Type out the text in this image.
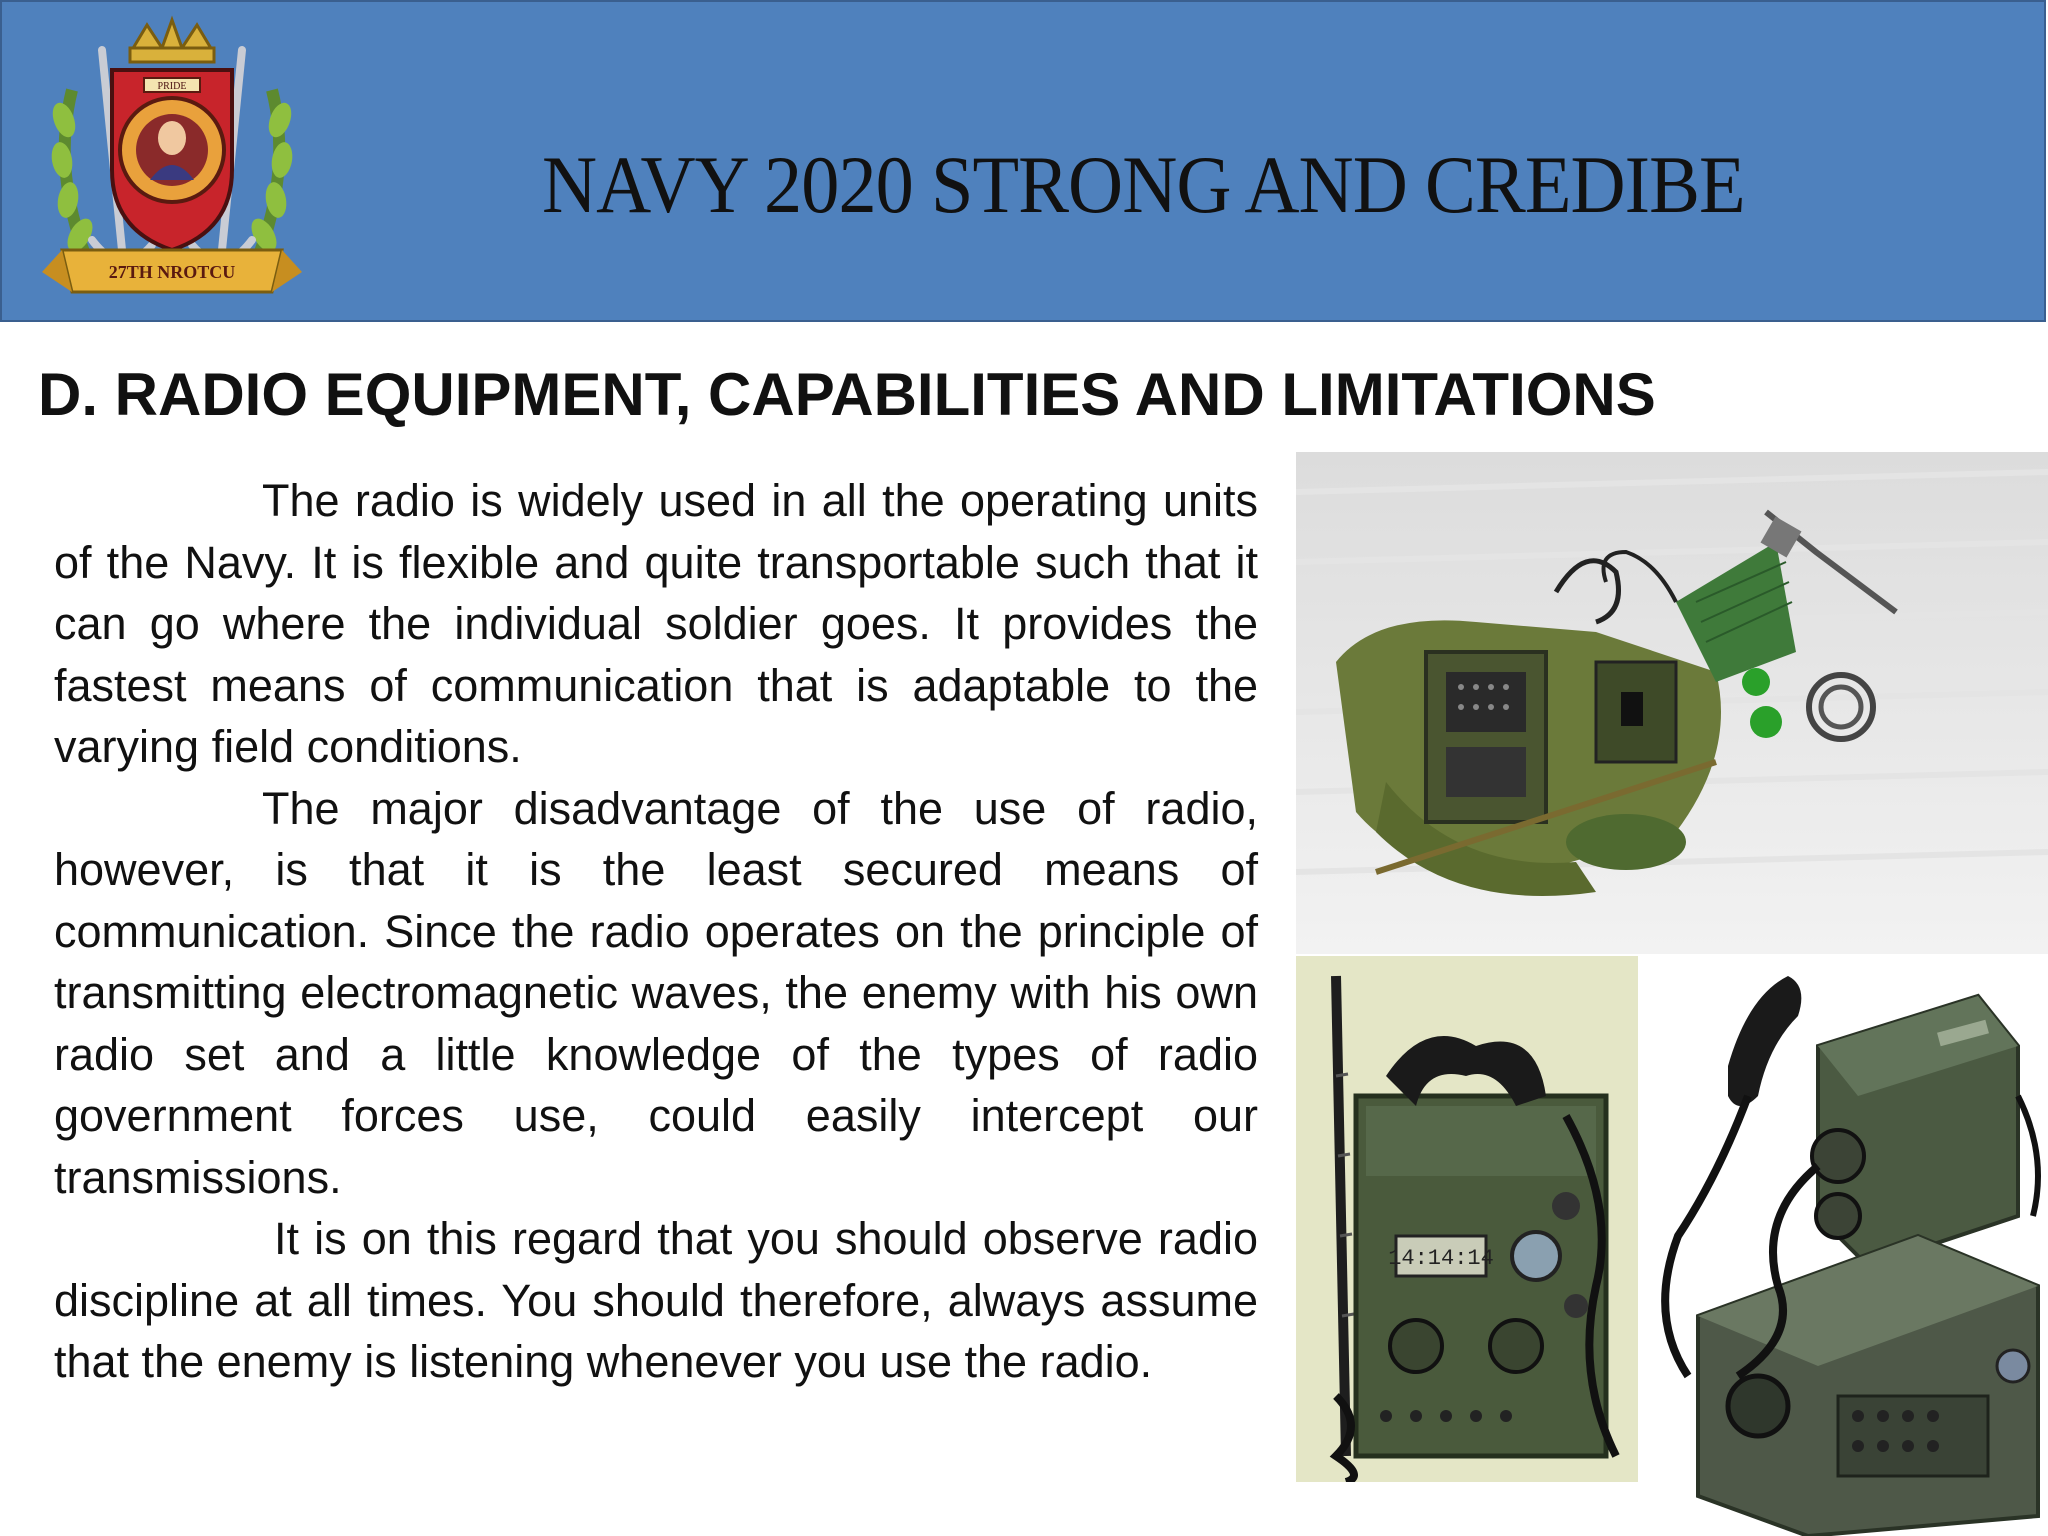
PRIDE
27TH NROTCU
NAVY 2020 STRONG AND CREDIBE
D. RADIO EQUIPMENT, CAPABILITIES AND LIMITATIONS

The radio is widely used in all the operating units of the Navy. It is flexible and quite transportable such that it can go where the individual soldier goes. It provides the fastest means of communication that is adaptable to the varying field conditions.

The major disadvantage of the use of radio, however, is that it is the least secured means of communication. Since the radio operates on the principle of transmitting electromagnetic waves, the enemy with his own radio set and a little knowledge of the types of radio government forces use, could easily intercept our transmissions.

It is on this regard that you should observe radio discipline at all times. You should therefore, always assume that the enemy is listening whenever you use the radio.

14:14:14
